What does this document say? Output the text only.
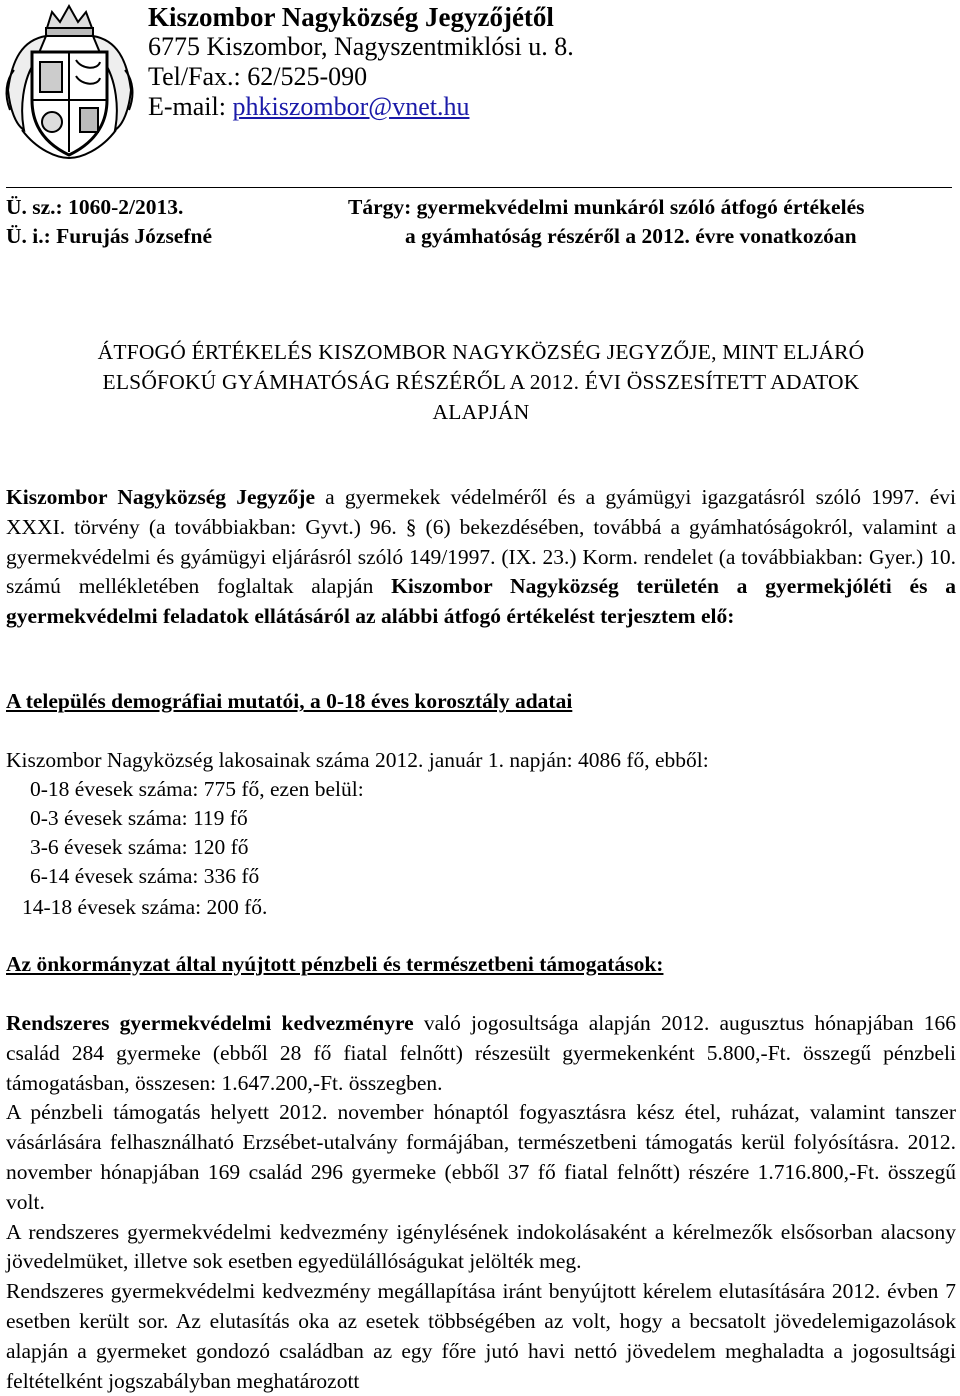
Kiszombor Nagyközség Jegyzőjétől
6775 Kiszombor, Nagyszentmiklósi u. 8.
Tel/Fax.: 62/525-090
E-mail: phkiszombor@vnet.hu
Ü. sz.: 1060-2/2013.
Ü. i.: Furujás Józsefné
Tárgy: gyermekvédelmi munkáról szóló átfogó értékelés
a gyámhatóság részéről a 2012. évre vonatkozóan
ÁTFOGÓ ÉRTÉKELÉS KISZOMBOR NAGYKÖZSÉG JEGYZŐJE, MINT ELJÁRÓ
ELSŐFOKÚ GYÁMHATÓSÁG RÉSZÉRŐL A 2012. ÉVI ÖSSZESÍTETT ADATOK
ALAPJÁN

Kiszombor Nagyközség Jegyzője a gyermekek védelméről és a gyámügyi igazgatásról szóló 1997. évi XXXI. törvény (a továbbiakban: Gyvt.) 96. § (6) bekezdésében, továbbá a gyámhatóságokról, valamint a gyermekvédelmi és gyámügyi eljárásról szóló 149/1997. (IX. 23.) Korm. rendelet (a továbbiakban: Gyer.) 10. számú mellékletében foglaltak alapján Kiszombor Nagyközség területén a gyermekjóléti és a gyermekvédelmi feladatok ellátásáról az alábbi átfogó értékelést terjesztem elő:

A település demográfiai mutatói, a 0-18 éves korosztály adatai
Kiszombor Nagyközség lakosainak száma 2012. január 1. napján: 4086 fő, ebből:
0-18 évesek száma: 775 fő, ezen belül:
0-3 évesek száma: 119 fő
3-6 évesek száma: 120 fő
6-14 évesek száma: 336 fő
14-18 évesek száma: 200 fő.
Az önkormányzat által nyújtott pénzbeli és természetbeni támogatások:

Rendszeres gyermekvédelmi kedvezményre való jogosultsága alapján 2012. augusztus hónapjában 166 család 284 gyermeke (ebből 28 fő fiatal felnőtt) részesült gyermekenként 5.800,-Ft. összegű pénzbeli támogatásban, összesen: 1.647.200,-Ft. összegben.

A pénzbeli támogatás helyett 2012. november hónaptól fogyasztásra kész étel, ruházat, valamint tanszer vásárlására felhasználható Erzsébet-utalvány formájában, természetbeni támogatás kerül folyósításra. 2012. november hónapjában 169 család 296 gyermeke (ebből 37 fő fiatal felnőtt) részére 1.716.800,-Ft. összegű volt.

A rendszeres gyermekvédelmi kedvezmény igénylésének indokolásaként a kérelmezők elsősorban alacsony jövedelmüket, illetve sok esetben egyedülállóságukat jelölték meg.

Rendszeres gyermekvédelmi kedvezmény megállapítása iránt benyújtott kérelem elutasítására 2012. évben 7 esetben került sor. Az elutasítás oka az esetek többségében az volt, hogy a becsatolt jövedelemigazolások alapján a gyermeket gondozó családban az egy főre jutó havi nettó jövedelem meghaladta a jogosultsági feltételként jogszabályban meghatározott
